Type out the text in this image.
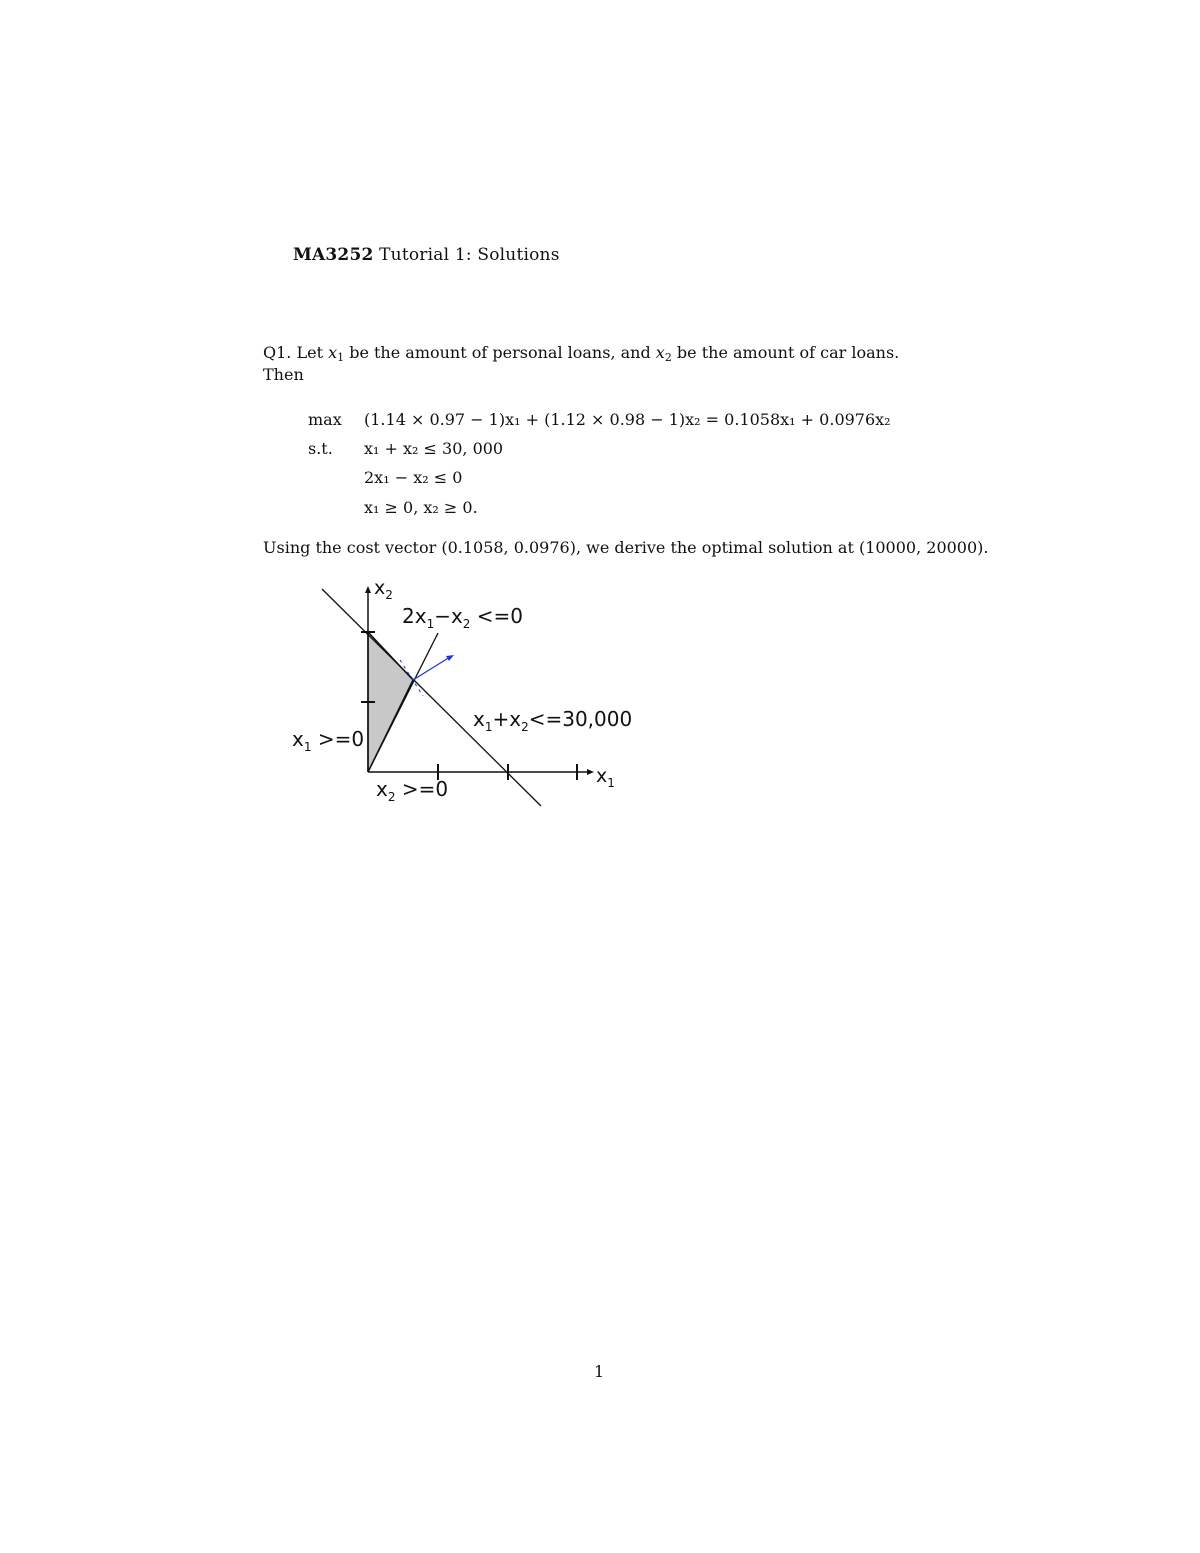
MA3252 Tutorial 1: Solutions
Q1. Let $x_1$ be the amount of personal loans, and $x_2$ be the amount of car loans.
Then
max (1.14 × 0.97 − 1)x₁ + (1.12 × 0.98 − 1)x₂ = 0.1058x₁ + 0.0976x₂
s.t. x₁ + x₂ ≤ 30, 000
2x₁ − x₂ ≤ 0
x₁ ≥ 0, x₂ ≥ 0.
Using the cost vector (0.1058, 0.0976), we derive the optimal solution at (10000, 20000).
$x_2$
$x_1$
$2x_1-x_2 <=0$
$x_1+x_2<=30,000$
$x_1 >=0$
$x_2 >=0$
1
